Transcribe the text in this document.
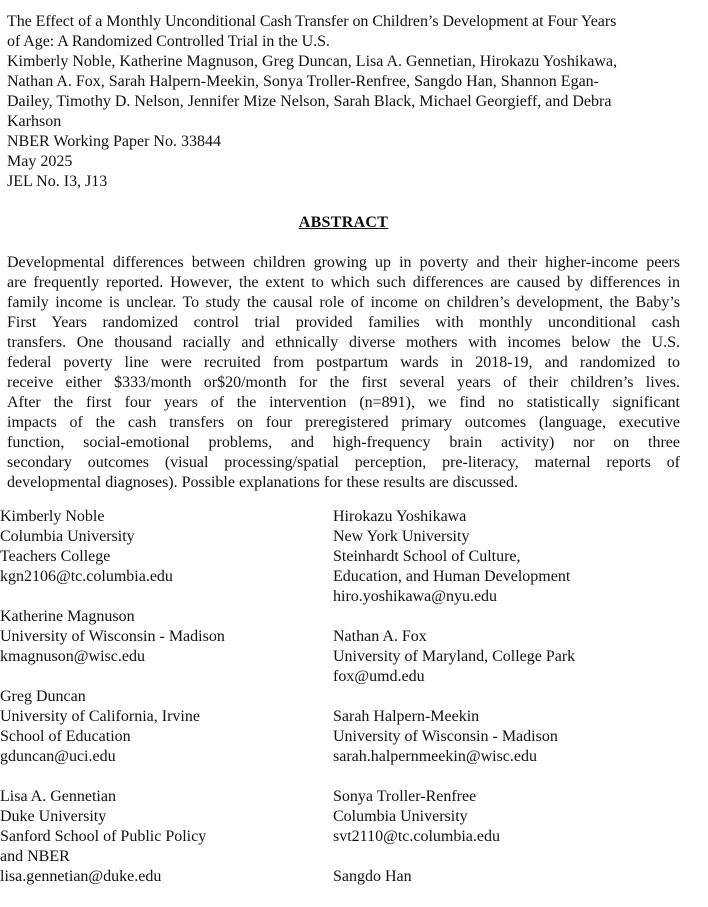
The Effect of a Monthly Unconditional Cash Transfer on Children’s Development at Four Years
of Age: A Randomized Controlled Trial in the U.S.
Kimberly Noble, Katherine Magnuson, Greg Duncan, Lisa A. Gennetian, Hirokazu Yoshikawa,
Nathan A. Fox, Sarah Halpern-Meekin, Sonya Troller-Renfree, Sangdo Han, Shannon Egan-
Dailey, Timothy D. Nelson, Jennifer Mize Nelson, Sarah Black, Michael Georgieff, and Debra
Karhson
NBER Working Paper No. 33844
May 2025
JEL No. I3, J13
ABSTRACT
Developmental differences between children growing up in poverty and their higher-income peers
are frequently reported. However, the extent to which such differences are caused by differences in
family income is unclear. To study the causal role of income on children’s development, the Baby’s
First Years randomized control trial provided families with monthly unconditional cash
transfers. One thousand racially and ethnically diverse mothers with incomes below the U.S.
federal poverty line were recruited from postpartum wards in 2018-19, and randomized to
receive either $333/month or$20/month for the first several years of their children’s lives.
After the first four years of the intervention (n=891), we find no statistically significant
impacts of the cash transfers on four preregistered primary outcomes (language, executive
function, social-emotional problems, and high-frequency brain activity) nor on three
secondary outcomes (visual processing/spatial perception, pre-literacy, maternal reports of
developmental diagnoses). Possible explanations for these results are discussed.
Kimberly Noble
Columbia University
Teachers College
kgn2106@tc.columbia.edu
Katherine Magnuson
University of Wisconsin - Madison
kmagnuson@wisc.edu
Greg Duncan
University of California, Irvine
School of Education
gduncan@uci.edu
Lisa A. Gennetian
Duke University
Sanford School of Public Policy
and NBER
lisa.gennetian@duke.edu
Hirokazu Yoshikawa
New York University
Steinhardt School of Culture,
Education, and Human Development
hiro.yoshikawa@nyu.edu
Nathan A. Fox
University of Maryland, College Park
fox@umd.edu
Sarah Halpern-Meekin
University of Wisconsin - Madison
sarah.halpernmeekin@wisc.edu
Sonya Troller-Renfree
Columbia University
svt2110@tc.columbia.edu
Sangdo Han
